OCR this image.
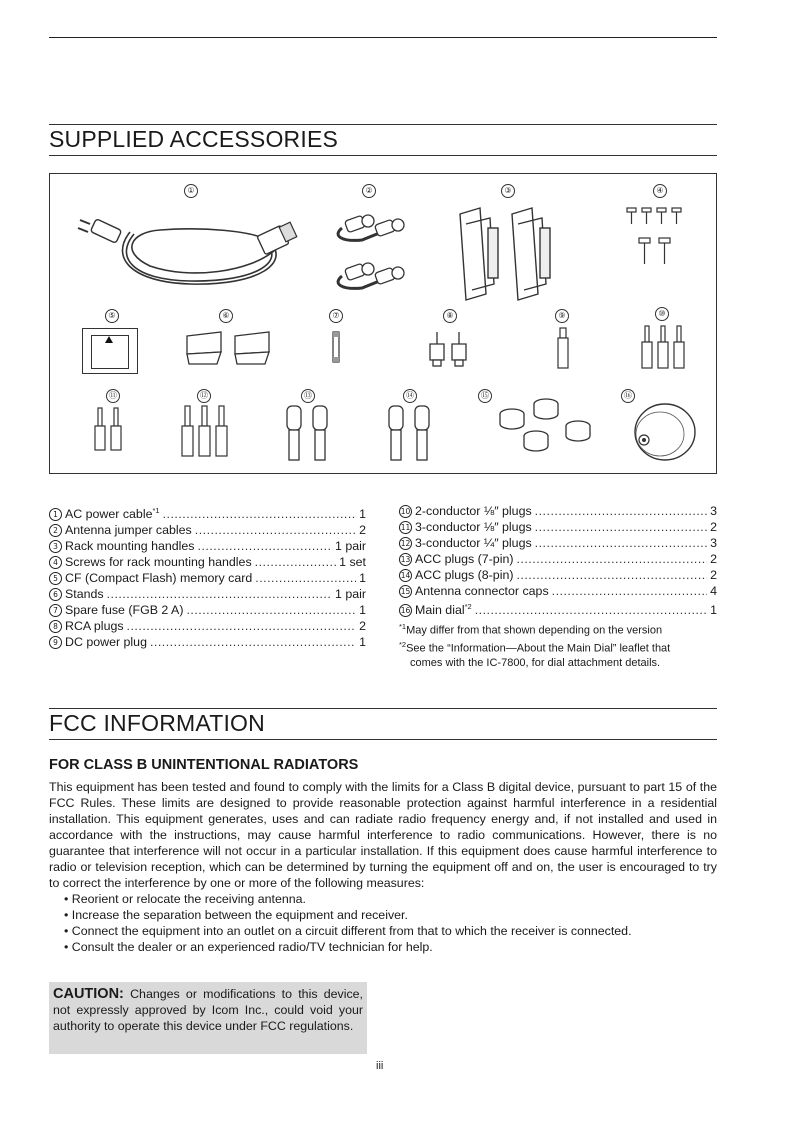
SUPPLIED ACCESSORIES
①	②	③	④
⑤	⑥	⑦	⑧	⑨	⑩
⑪	⑫	⑬	⑭	⑮	⑯
1 AC power cable$^{*1}$ .....	1
2 Antenna jumper cables .....	2
3 Rack mounting handles .....	1 pair
4 Screws for rack mounting handles .....	1 set
5 CF (Compact Flash) memory card .....	1
6 Stands .....	1 pair
7 Spare fuse (FGB 2 A) .....	1
8 RCA plugs .....	2
9 DC power plug .....	1
10 2-conductor ⅛″ plugs .....	3
11 3-conductor ⅛″ plugs .....	2
12 3-conductor ¼″ plugs .....	3
13 ACC plugs (7-pin) .....	2
14 ACC plugs (8-pin) .....	2
15 Antenna connector caps .....	4
16 Main dial$^{*2}$ .....	1
$^{*1}$May differ from that shown depending on the version
$^{*2}$See the “Information—About the Main Dial” leaflet that
comes with the IC-7800, for dial attachment details.
FCC INFORMATION
FOR CLASS B UNINTENTIONAL RADIATORS
This equipment has been tested and found to comply with the limits for a Class B digital device, pursuant to part 15 of the FCC Rules. These limits are designed to provide reasonable protection against harmful interference in a residential installation. This equipment generates, uses and can radiate radio frequency energy and, if not installed and used in accordance with the instructions, may cause harmful interference to radio communications. However, there is no guarantee that interference will not occur in a particular installation. If this equipment does cause harmful interference to radio or television reception, which can be determined by turning the equipment off and on, the user is encouraged to try to correct the interference by one or more of the following measures:
• Reorient or relocate the receiving antenna.
• Increase the separation between the equipment and receiver.
• Connect the equipment into an outlet on a circuit different from that to which the receiver is connected.
• Consult the dealer or an experienced radio/TV technician for help.
CAUTION: Changes or modifications to this device, not expressly approved by Icom Inc., could void your authority to operate this device under FCC regulations.
iii
